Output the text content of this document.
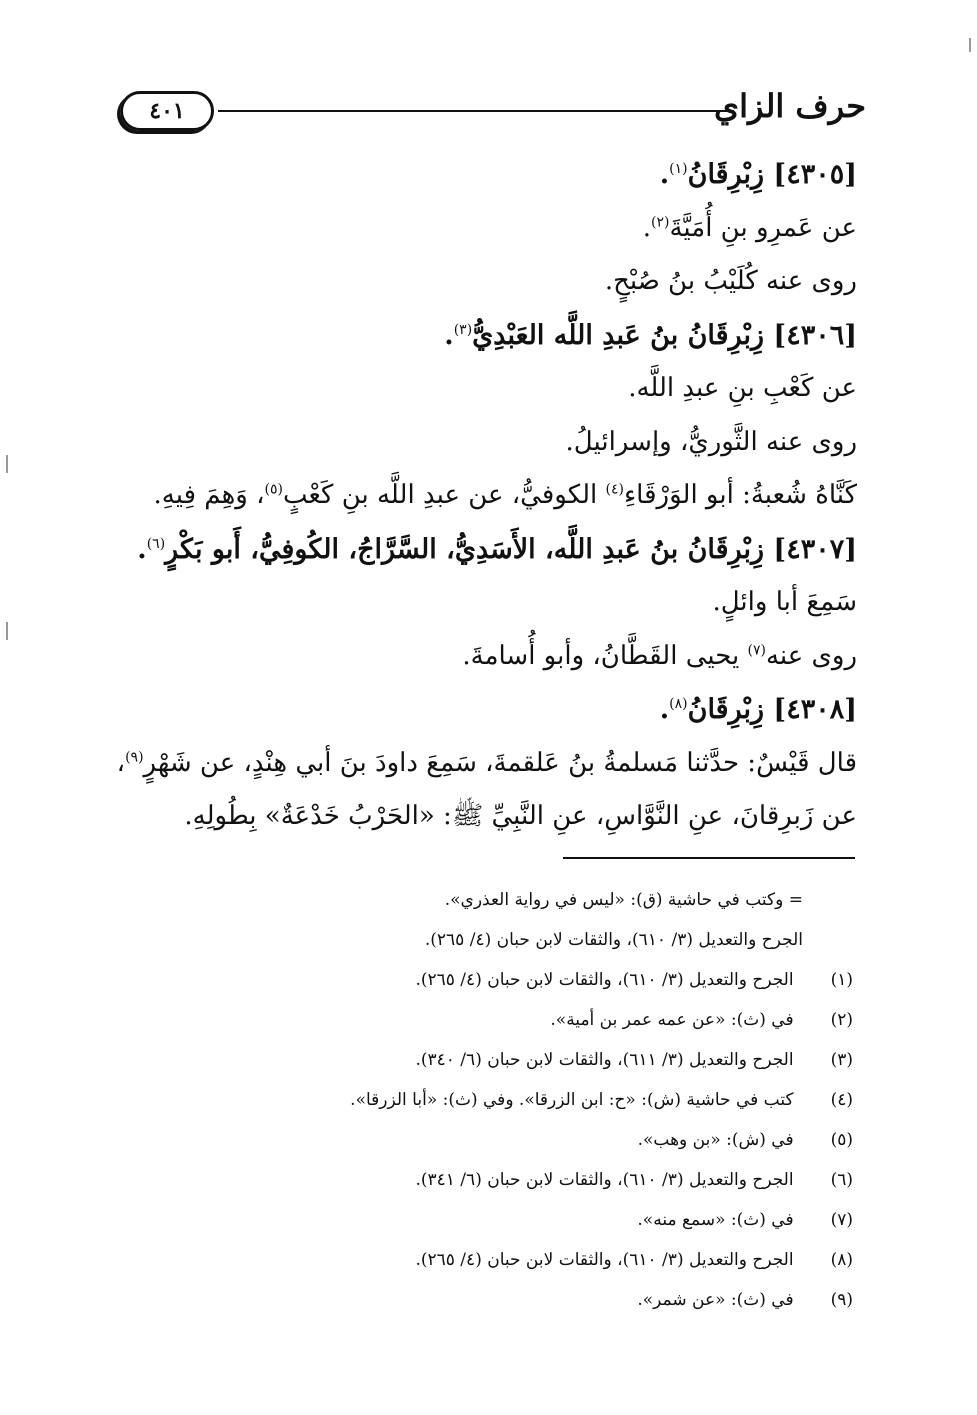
٤٠١	حرف الزاي
[٤٣٠٥] زِبْرِقَانُ$^{(١)}$.
عن عَمرِو بنِ أُمَيَّةَ$^{(٢)}$.
روى عنه كُلَيْبُ بنُ صُبْحٍ.
[٤٣٠٦] زِبْرِقَانُ بنُ عَبدِ اللَّه العَبْدِيُّ$^{(٣)}$.
عن كَعْبِ بنِ عبدِ اللَّه.
روى عنه الثَّوريُّ، وإسرائيلُ.
كَنَّاهُ شُعبةُ: أبو الوَرْقَاءِ$^{(٤)}$ الكوفيُّ، عن عبدِ اللَّه بنِ كَعْبٍ$^{(٥)}$، وَهِمَ فِيهِ.
[٤٣٠٧] زِبْرِقَانُ بنُ عَبدِ اللَّه، الأَسَدِيُّ، السَّرَّاجُ، الكُوفِيُّ، أَبو بَكْرٍ$^{(٦)}$.
سَمِعَ أبا وائلٍ.
روى عنه$^{(٧)}$ يحيى القَطَّانُ، وأبو أُسامةَ.
[٤٣٠٨] زِبْرِقَانُ$^{(٨)}$.
قال قَيْسٌ: حدَّثنا مَسلمةُ بنُ عَلقمةَ، سَمِعَ داودَ بنَ أبي هِنْدٍ، عن شَهْرٍ$^{(٩)}$،
عن زَبرِقانَ، عنِ النَّوَّاسِ، عنِ النَّبِيِّ ﷺ: «الحَرْبُ خَدْعَةٌ» بِطُولِهِ.
= وكتب في حاشية (ق): «ليس في رواية العذري».
الجرح والتعديل (٣/ ٦١٠)، والثقات لابن حبان (٤/ ٢٦٥).
(١) الجرح والتعديل (٣/ ٦١٠)، والثقات لابن حبان (٤/ ٢٦٥).
(٢) في (ث): «عن عمه عمر بن أمية».
(٣) الجرح والتعديل (٣/ ٦١١)، والثقات لابن حبان (٦/ ٣٤٠).
(٤) كتب في حاشية (ش): «ح: ابن الزرقا». وفي (ث): «أبا الزرقا».
(٥) في (ش): «بن وهب».
(٦) الجرح والتعديل (٣/ ٦١٠)، والثقات لابن حبان (٦/ ٣٤١).
(٧) في (ث): «سمع منه».
(٨) الجرح والتعديل (٣/ ٦١٠)، والثقات لابن حبان (٤/ ٢٦٥).
(٩) في (ث): «عن شمر».
